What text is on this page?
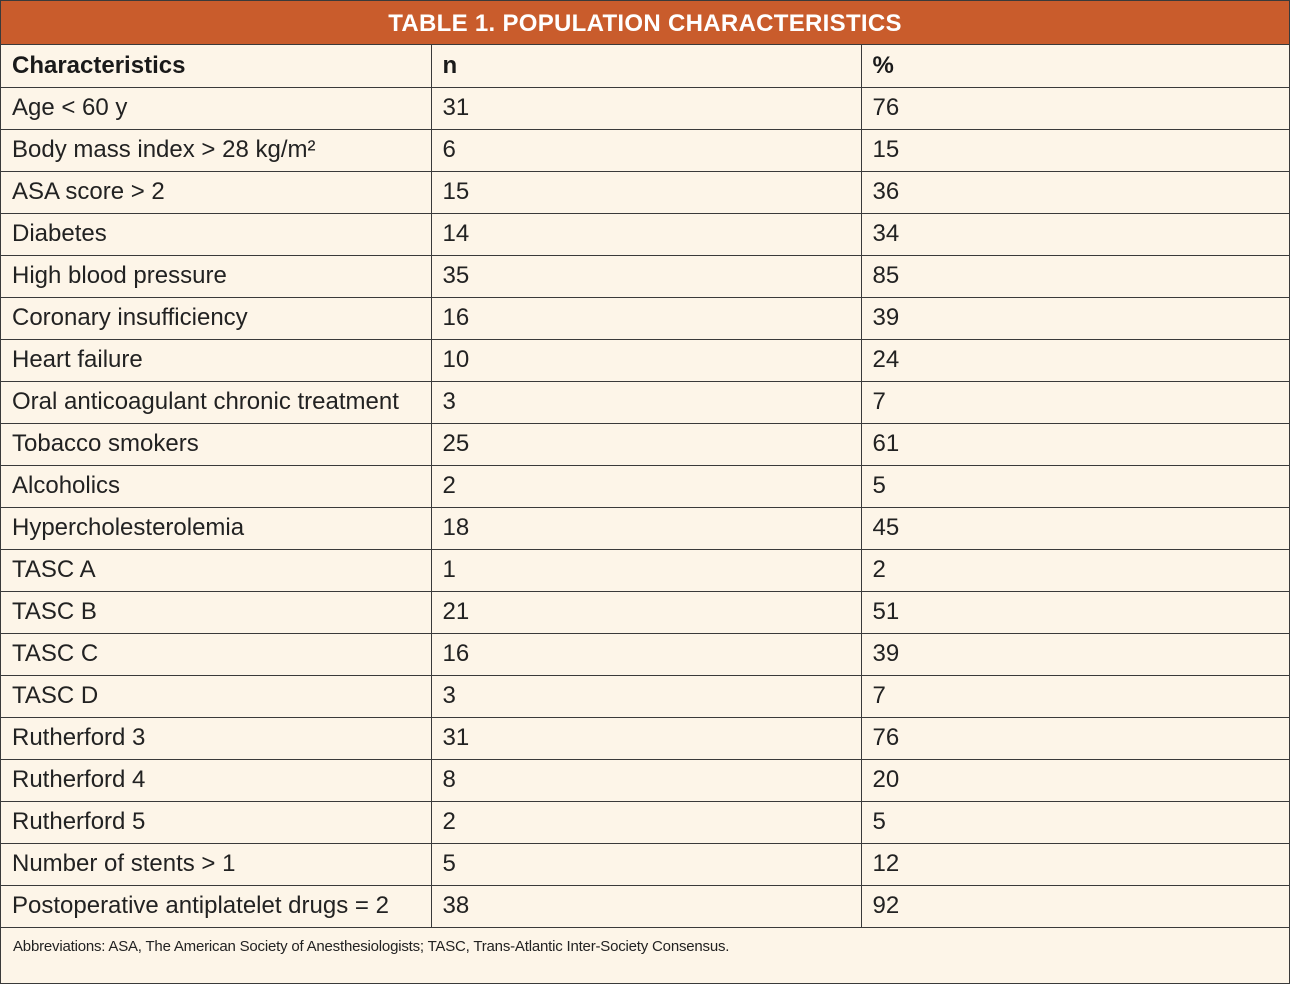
TABLE 1. POPULATION CHARACTERISTICS
Characteristics	n	%
Age < 60 y	31	76
Body mass index > 28 kg/m²	6	15
ASA score > 2	15	36
Diabetes	14	34
High blood pressure	35	85
Coronary insufficiency	16	39
Heart failure	10	24
Oral anticoagulant chronic treatment	3	7
Tobacco smokers	25	61
Alcoholics	2	5
Hypercholesterolemia	18	45
TASC A	1	2
TASC B	21	51
TASC C	16	39
TASC D	3	7
Rutherford 3	31	76
Rutherford 4	8	20
Rutherford 5	2	5
Number of stents > 1	5	12
Postoperative antiplatelet drugs = 2	38	92
Abbreviations: ASA, The American Society of Anesthesiologists; TASC, Trans-Atlantic Inter-Society Consensus.
